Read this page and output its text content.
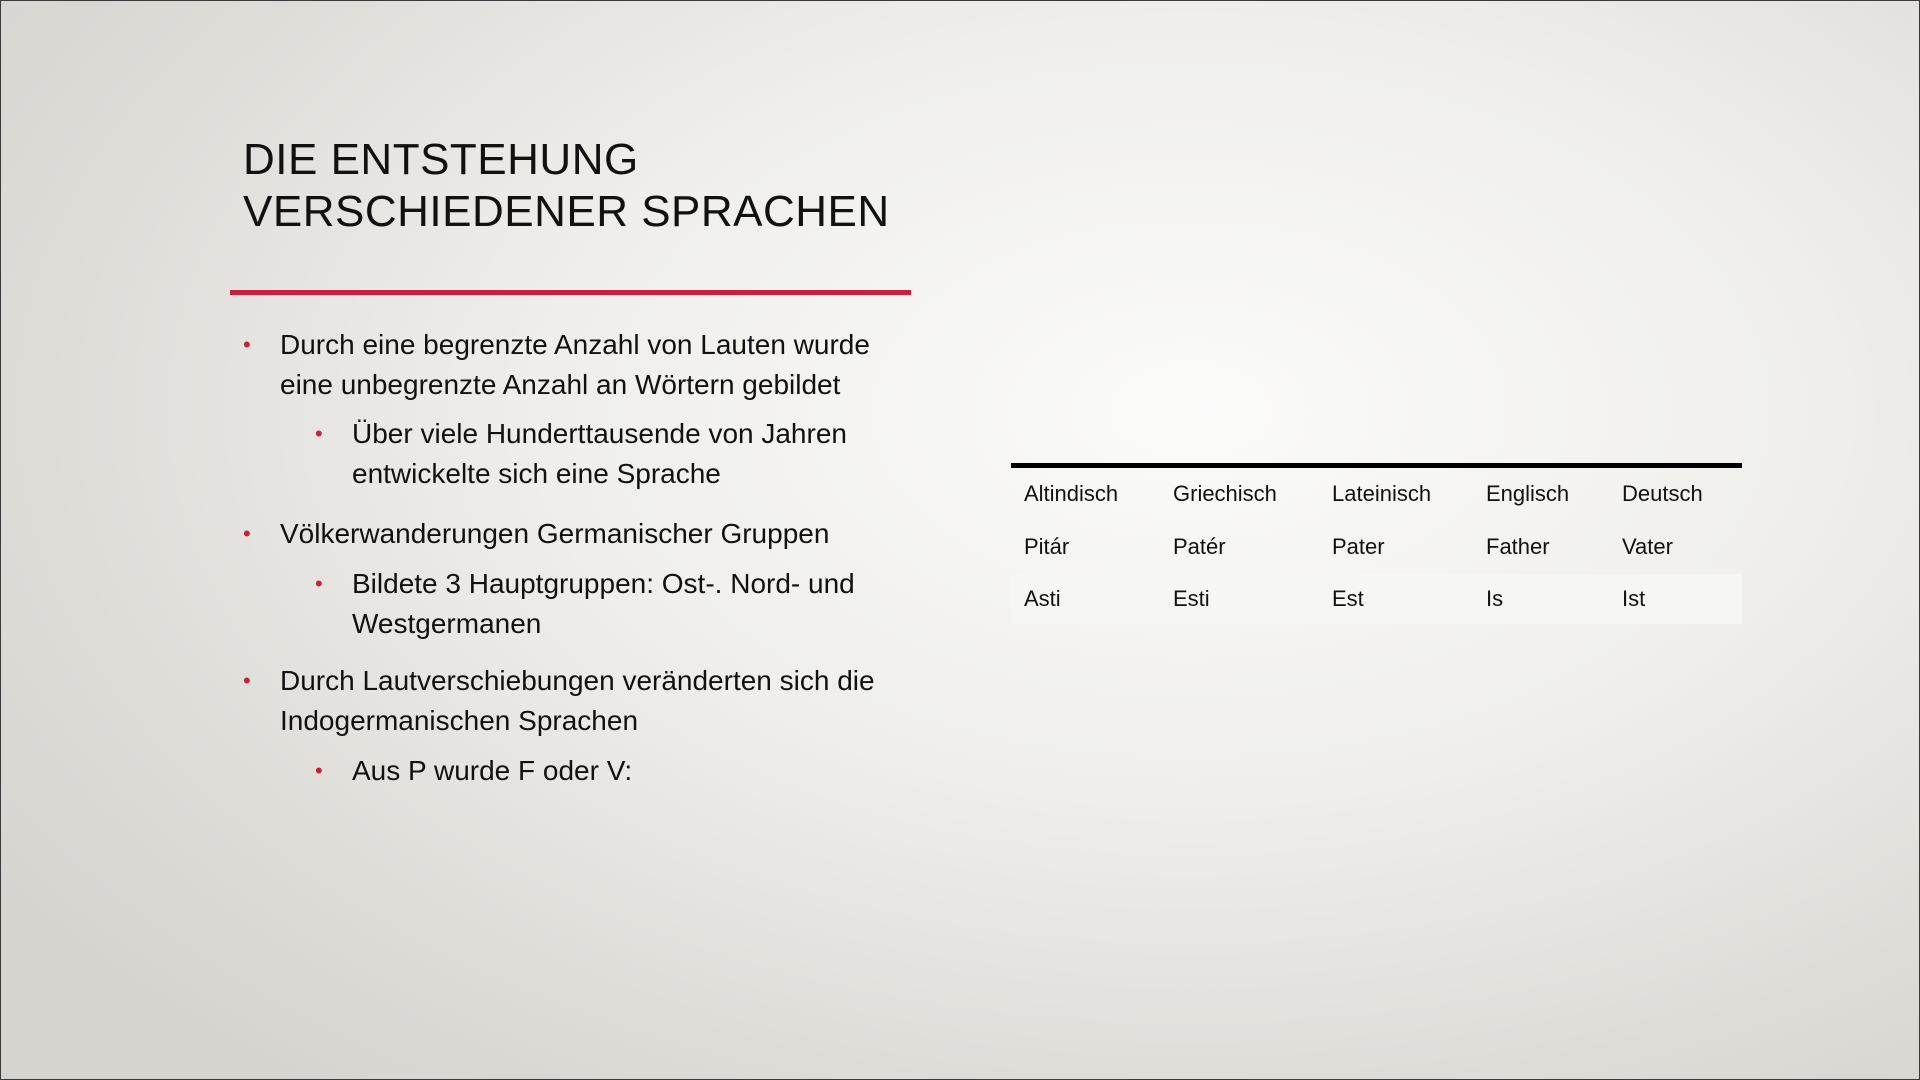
DIE ENTSTEHUNG
VERSCHIEDENER SPRACHEN
• Durch eine begrenzte Anzahl von Lauten wurde
eine unbegrenzte Anzahl an Wörtern gebildet
• Über viele Hunderttausende von Jahren
entwickelte sich eine Sprache
• Völkerwanderungen Germanischer Gruppen
• Bildete 3 Hauptgruppen: Ost-. Nord- und
Westgermanen
• Durch Lautverschiebungen veränderten sich die
Indogermanischen Sprachen
• Aus P wurde F oder V:
Altindisch Griechisch	Lateinisch Englisch Deutsch
Pitár	Patér	Pater	Father	Vater
Asti	Esti	Est	Is	Ist
